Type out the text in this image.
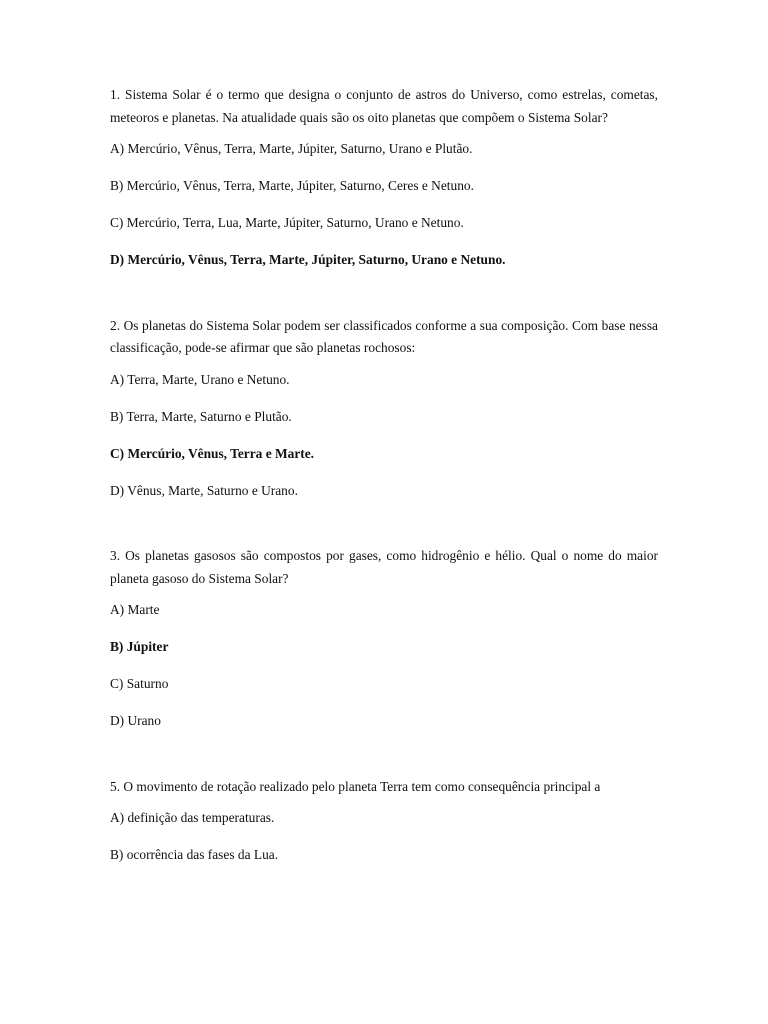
1. Sistema Solar é o termo que designa o conjunto de astros do Universo, como estrelas, cometas, meteoros e planetas. Na atualidade quais são os oito planetas que compõem o Sistema Solar?

A) Mercúrio, Vênus, Terra, Marte, Júpiter, Saturno, Urano e Plutão.

B) Mercúrio, Vênus, Terra, Marte, Júpiter, Saturno, Ceres e Netuno.

C) Mercúrio, Terra, Lua, Marte, Júpiter, Saturno, Urano e Netuno.

D) Mercúrio, Vênus, Terra, Marte, Júpiter, Saturno, Urano e Netuno.

2. Os planetas do Sistema Solar podem ser classificados conforme a sua composição. Com base nessa classificação, pode-se afirmar que são planetas rochosos:

A) Terra, Marte, Urano e Netuno.

B) Terra, Marte, Saturno e Plutão.

C) Mercúrio, Vênus, Terra e Marte.

D) Vênus, Marte, Saturno e Urano.

3. Os planetas gasosos são compostos por gases, como hidrogênio e hélio. Qual o nome do maior planeta gasoso do Sistema Solar?

A) Marte

B) Júpiter

C) Saturno

D) Urano

5. O movimento de rotação realizado pelo planeta Terra tem como consequência principal a

A) definição das temperaturas.

B) ocorrência das fases da Lua.
